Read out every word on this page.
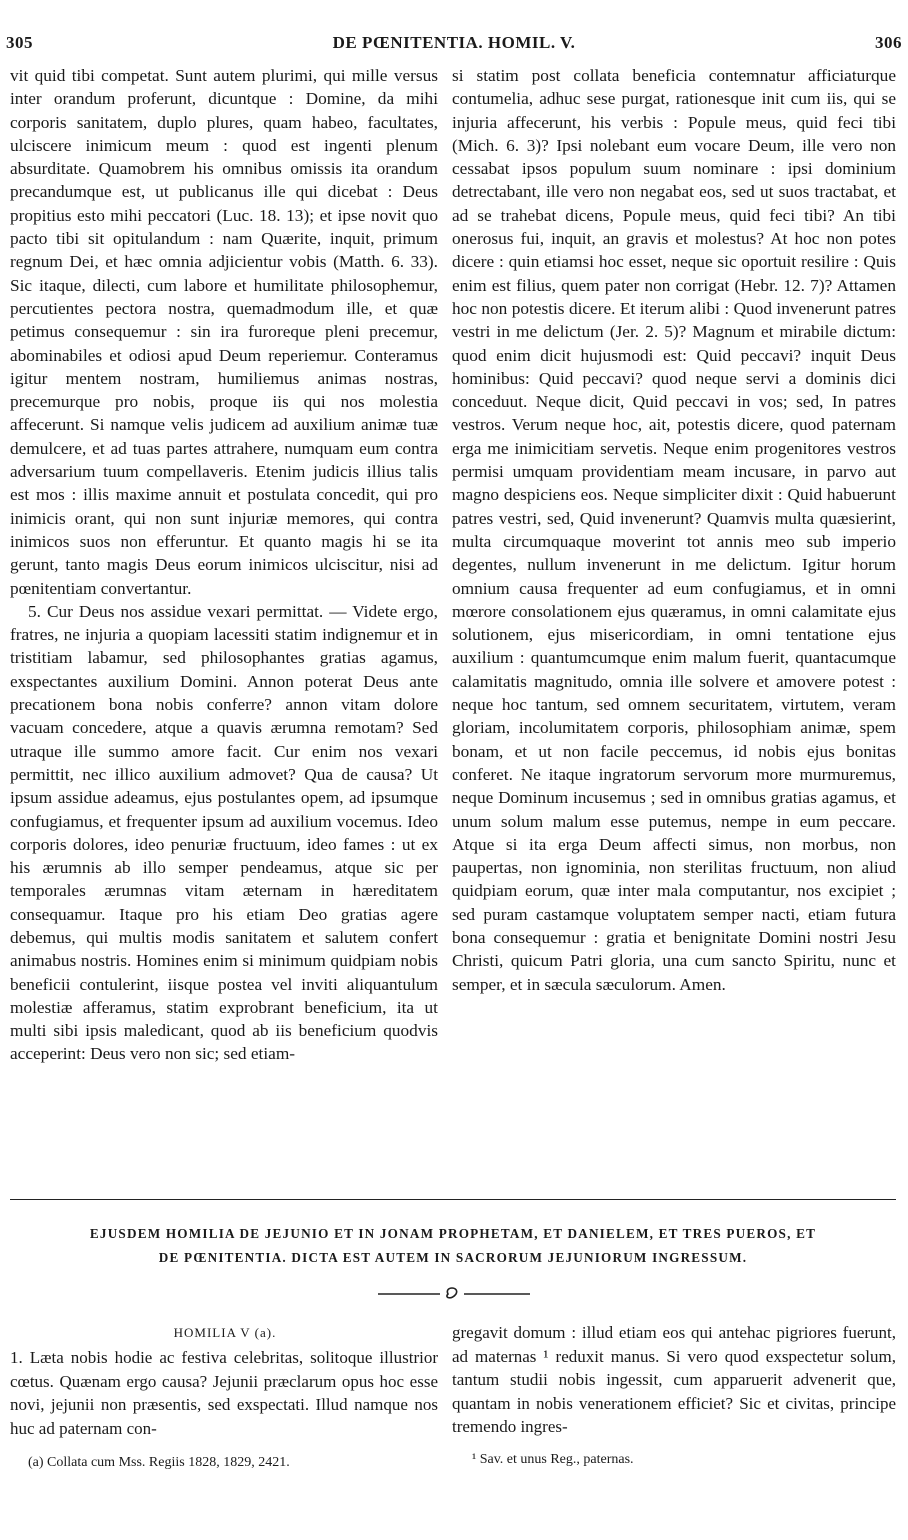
305	DE PŒNITENTIA. HOMIL. V.	306

vit quid tibi competat. Sunt autem plurimi, qui mille versus inter orandum proferunt, dicuntque : Domine, da mihi corporis sanitatem, duplo plures, quam habeo, facultates, ulciscere inimicum meum : quod est ingenti plenum absurditate. Quamobrem his omnibus omissis ita orandum precandumque est, ut publicanus ille qui dicebat : Deus propitius esto mihi peccatori (Luc. 18. 13); et ipse novit quo pacto tibi sit opitulandum : nam Quærite, inquit, primum regnum Dei, et hæc omnia adjicientur vobis (Matth. 6. 33). Sic itaque, dilecti, cum labore et humilitate philosophemur, percutientes pectora nostra, quemadmodum ille, et quæ petimus consequemur : sin ira furoreque pleni precemur, abominabiles et odiosi apud Deum reperiemur. Conteramus igitur mentem nostram, humiliemus animas nostras, precemurque pro nobis, proque iis qui nos molestia affecerunt. Si namque velis judicem ad auxilium animæ tuæ demulcere, et ad tuas partes attrahere, numquam eum contra adversarium tuum compellaveris. Etenim judicis illius talis est mos : illis maxime annuit et postulata concedit, qui pro inimicis orant, qui non sunt injuriæ memores, qui contra inimicos suos non efferuntur. Et quanto magis hi se ita gerunt, tanto magis Deus eorum inimicos ulciscitur, nisi ad pœnitentiam convertantur.

5. Cur Deus nos assidue vexari permittat. — Videte ergo, fratres, ne injuria a quopiam lacessiti statim indignemur et in tristitiam labamur, sed philosophantes gratias agamus, exspectantes auxilium Domini. Annon poterat Deus ante precationem bona nobis conferre? annon vitam dolore vacuam concedere, atque a quavis ærumna remotam? Sed utraque ille summo amore facit. Cur enim nos vexari permittit, nec illico auxilium admovet? Qua de causa? Ut ipsum assidue adeamus, ejus postulantes opem, ad ipsumque confugiamus, et frequenter ipsum ad auxilium vocemus. Ideo corporis dolores, ideo penuriæ fructuum, ideo fames : ut ex his ærumnis ab illo semper pendeamus, atque sic per temporales ærumnas vitam æternam in hæreditatem consequamur. Itaque pro his etiam Deo gratias agere debemus, qui multis modis sanitatem et salutem confert animabus nostris. Homines enim si minimum quidpiam nobis beneficii contulerint, iisque postea vel inviti aliquantulum molestiæ afferamus, statim exprobrant beneficium, ita ut multi sibi ipsis maledicant, quod ab iis beneficium quodvis acceperint: Deus vero non sic; sed etiam-

si statim post collata beneficia contemnatur afficiaturque contumelia, adhuc sese purgat, rationesque init cum iis, qui se injuria affecerunt, his verbis : Popule meus, quid feci tibi (Mich. 6. 3)? Ipsi nolebant eum vocare Deum, ille vero non cessabat ipsos populum suum nominare : ipsi dominium detrectabant, ille vero non negabat eos, sed ut suos tractabat, et ad se trahebat dicens, Popule meus, quid feci tibi? An tibi onerosus fui, inquit, an gravis et molestus? At hoc non potes dicere : quin etiamsi hoc esset, neque sic oportuit resilire : Quis enim est filius, quem pater non corrigat (Hebr. 12. 7)? Attamen hoc non potestis dicere. Et iterum alibi : Quod invenerunt patres vestri in me delictum (Jer. 2. 5)? Magnum et mirabile dictum: quod enim dicit hujusmodi est: Quid peccavi? inquit Deus hominibus: Quid peccavi? quod neque servi a dominis dici conceduut. Neque dicit, Quid peccavi in vos; sed, In patres vestros. Verum neque hoc, ait, potestis dicere, quod paternam erga me inimicitiam servetis. Neque enim progenitores vestros permisi umquam providentiam meam incusare, in parvo aut magno despiciens eos. Neque simpliciter dixit : Quid habuerunt patres vestri, sed, Quid invenerunt? Quamvis multa quæsierint, multa circumquaque moverint tot annis meo sub imperio degentes, nullum invenerunt in me delictum. Igitur horum omnium causa frequenter ad eum confugiamus, et in omni mœrore consolationem ejus quæramus, in omni calamitate ejus solutionem, ejus misericordiam, in omni tentatione ejus auxilium : quantumcumque enim malum fuerit, quantacumque calamitatis magnitudo, omnia ille solvere et amovere potest : neque hoc tantum, sed omnem securitatem, virtutem, veram gloriam, incolumitatem corporis, philosophiam animæ, spem bonam, et ut non facile peccemus, id nobis ejus bonitas conferet. Ne itaque ingratorum servorum more murmuremus, neque Dominum incusemus ; sed in omnibus gratias agamus, et unum solum malum esse putemus, nempe in eum peccare. Atque si ita erga Deum affecti simus, non morbus, non paupertas, non ignominia, non sterilitas fructuum, non aliud quidpiam eorum, quæ inter mala computantur, nos excipiet ; sed puram castamque voluptatem semper nacti, etiam futura bona consequemur : gratia et benignitate Domini nostri Jesu Christi, quicum Patri gloria, una cum sancto Spiritu, nunc et semper, et in sæcula sæculorum. Amen.

EJUSDEM HOMILIA DE JEJUNIO ET IN JONAM PROPHETAM, ET DANIELEM, ET TRES PUEROS, ET
DE PŒNITENTIA. DICTA EST AUTEM IN SACRORUM JEJUNIORUM INGRESSUM.
HOMILIA V (a).
1. Læta nobis hodie ac festiva celebritas, solitoque illustrior cœtus. Quænam ergo causa? Jejunii præclarum opus hoc esse novi, jejunii non præsentis, sed exspectati. Illud namque nos huc ad paternam con-
gregavit domum : illud etiam eos qui antehac pigriores fuerunt, ad maternas ¹ reduxit manus. Si vero quod exspectetur solum, tantum studii nobis ingessit, cum apparuerit advenerit que, quantam in nobis venerationem efficiet? Sic et civitas, principe tremendo ingres-
(a) Collata cum Mss. Regiis 1828, 1829, 2421.	¹ Sav. et unus Reg., paternas.
